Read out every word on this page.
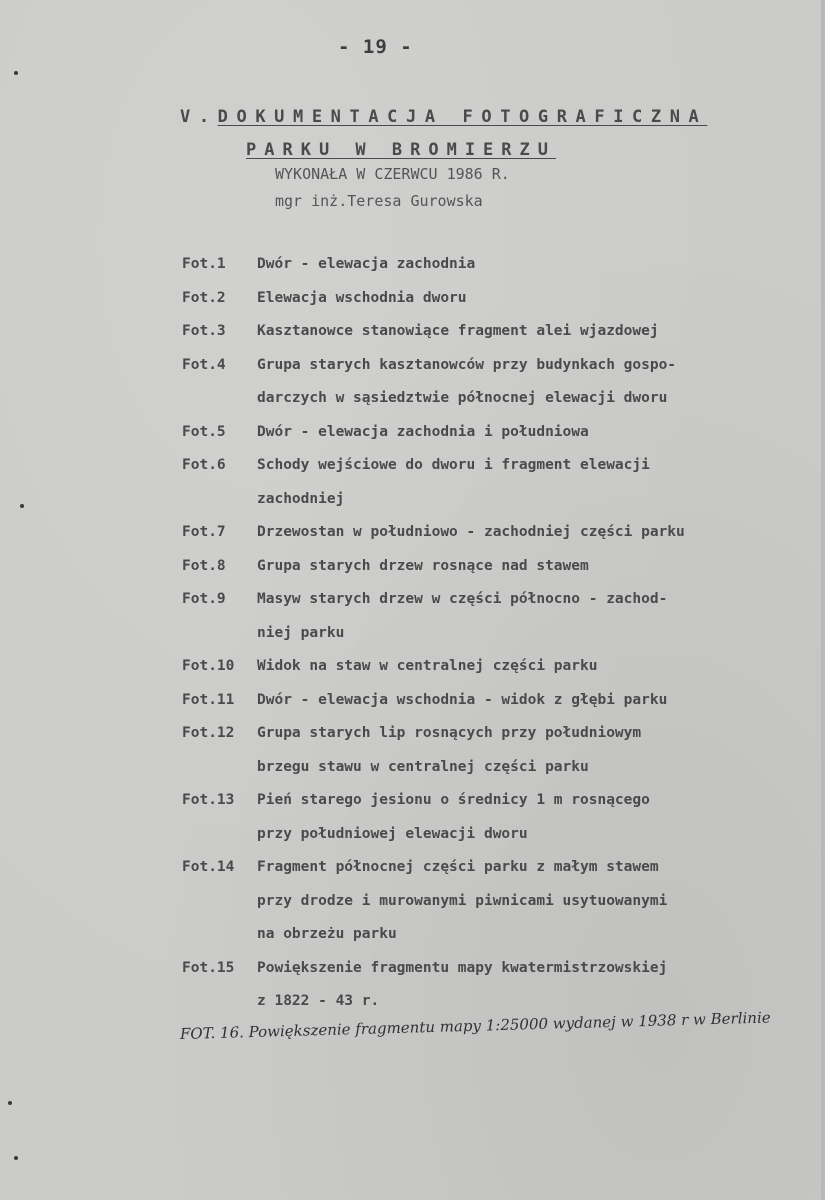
- 19 -
V.DOKUMENTACJA FOTOGRAFICZNA
PARKU W BROMIERZU
WYKONAŁA W CZERWCU 1986 R.
mgr inż.Teresa Gurowska
Fot.1	Dwór - elewacja zachodnia
Fot.2	Elewacja wschodnia dworu
Fot.3	Kasztanowce stanowiące fragment alei wjazdowej
Fot.4	Grupa starych kasztanowców przy budynkach gospo-
darczych w sąsiedztwie północnej elewacji dworu
Fot.5	Dwór - elewacja zachodnia i południowa
Fot.6	Schody wejściowe do dworu i fragment elewacji
zachodniej
Fot.7	Drzewostan w południowo - zachodniej części parku
Fot.8	Grupa starych drzew rosnące nad stawem
Fot.9	Masyw starych drzew w części północno - zachod-
niej parku
Fot.10	Widok na staw w centralnej części parku
Fot.11	Dwór - elewacja wschodnia - widok z głębi parku
Fot.12	Grupa starych lip rosnących przy południowym
brzegu stawu w centralnej części parku
Fot.13	Pień starego jesionu o średnicy 1 m rosnącego
przy południowej elewacji dworu
Fot.14	Fragment północnej części parku z małym stawem
przy drodze i murowanymi piwnicami usytuowanymi
na obrzeżu parku
Fot.15	Powiększenie fragmentu mapy kwatermistrzowskiej
z 1822 - 43 r.
FOT. 16. Powiększenie fragmentu mapy 1:25000 wydanej w 1938 r w Berlinie
